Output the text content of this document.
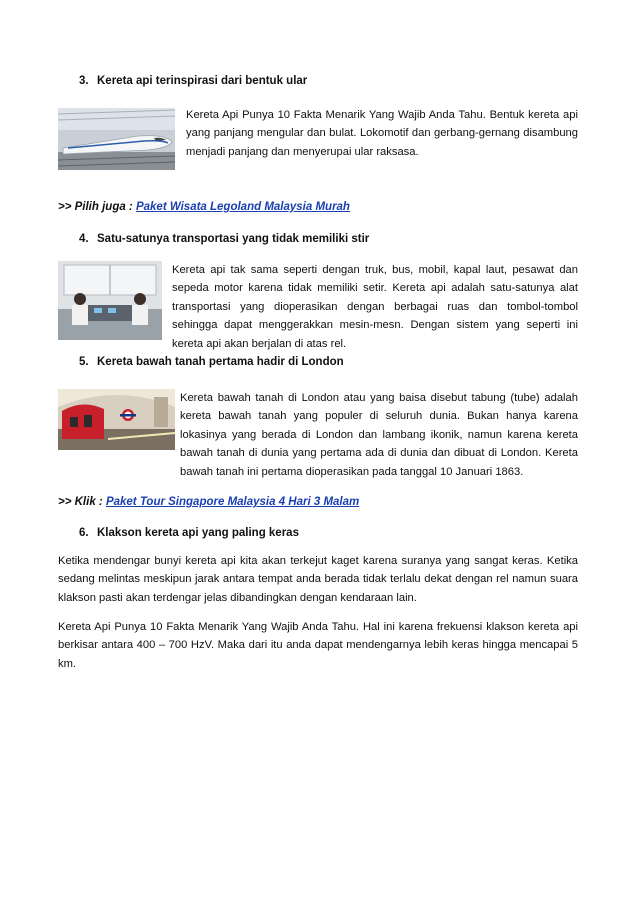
3. Kereta api terinspirasi dari bentuk ular
Kereta Api Punya 10 Fakta Menarik Yang Wajib Anda Tahu. Bentuk kereta api yang panjang mengular dan bulat. Lokomotif dan gerbang-gernang disambung menjadi panjang dan menyerupai ular raksasa.
>> Pilih juga : Paket Wisata Legoland Malaysia Murah
4. Satu-satunya transportasi yang tidak memiliki stir
Kereta api tak sama seperti dengan truk, bus, mobil, kapal laut, pesawat dan sepeda motor karena tidak memiliki setir. Kereta api adalah satu-satunya alat transportasi yang dioperasikan dengan berbagai ruas dan tombol-tombol sehingga dapat menggerakkan mesin-mesn. Dengan sistem yang seperti ini kereta api akan berjalan di atas rel.
5. Kereta bawah tanah pertama hadir di London
Kereta bawah tanah di London atau yang baisa disebut tabung (tube) adalah kereta bawah tanah yang populer di seluruh dunia. Bukan hanya karena lokasinya yang berada di London dan lambang ikonik, namun karena kereta bawah tanah di dunia yang pertama ada di dunia dan dibuat di London. Kereta bawah tanah ini pertama dioperasikan pada tanggal 10 Januari 1863.
>> Klik : Paket Tour Singapore Malaysia 4 Hari 3 Malam
6. Klakson kereta api yang paling keras
Ketika mendengar bunyi kereta api kita akan terkejut kaget karena suranya yang sangat keras. Ketika sedang melintas meskipun jarak antara tempat anda berada tidak terlalu dekat dengan rel namun suara klakson pasti akan terdengar jelas dibandingkan dengan kendaraan lain.
Kereta Api Punya 10 Fakta Menarik Yang Wajib Anda Tahu. Hal ini karena frekuensi klakson kereta api berkisar antara 400 – 700 HzV. Maka dari itu anda dapat mendengarnya lebih keras hingga mencapai 5 km.
